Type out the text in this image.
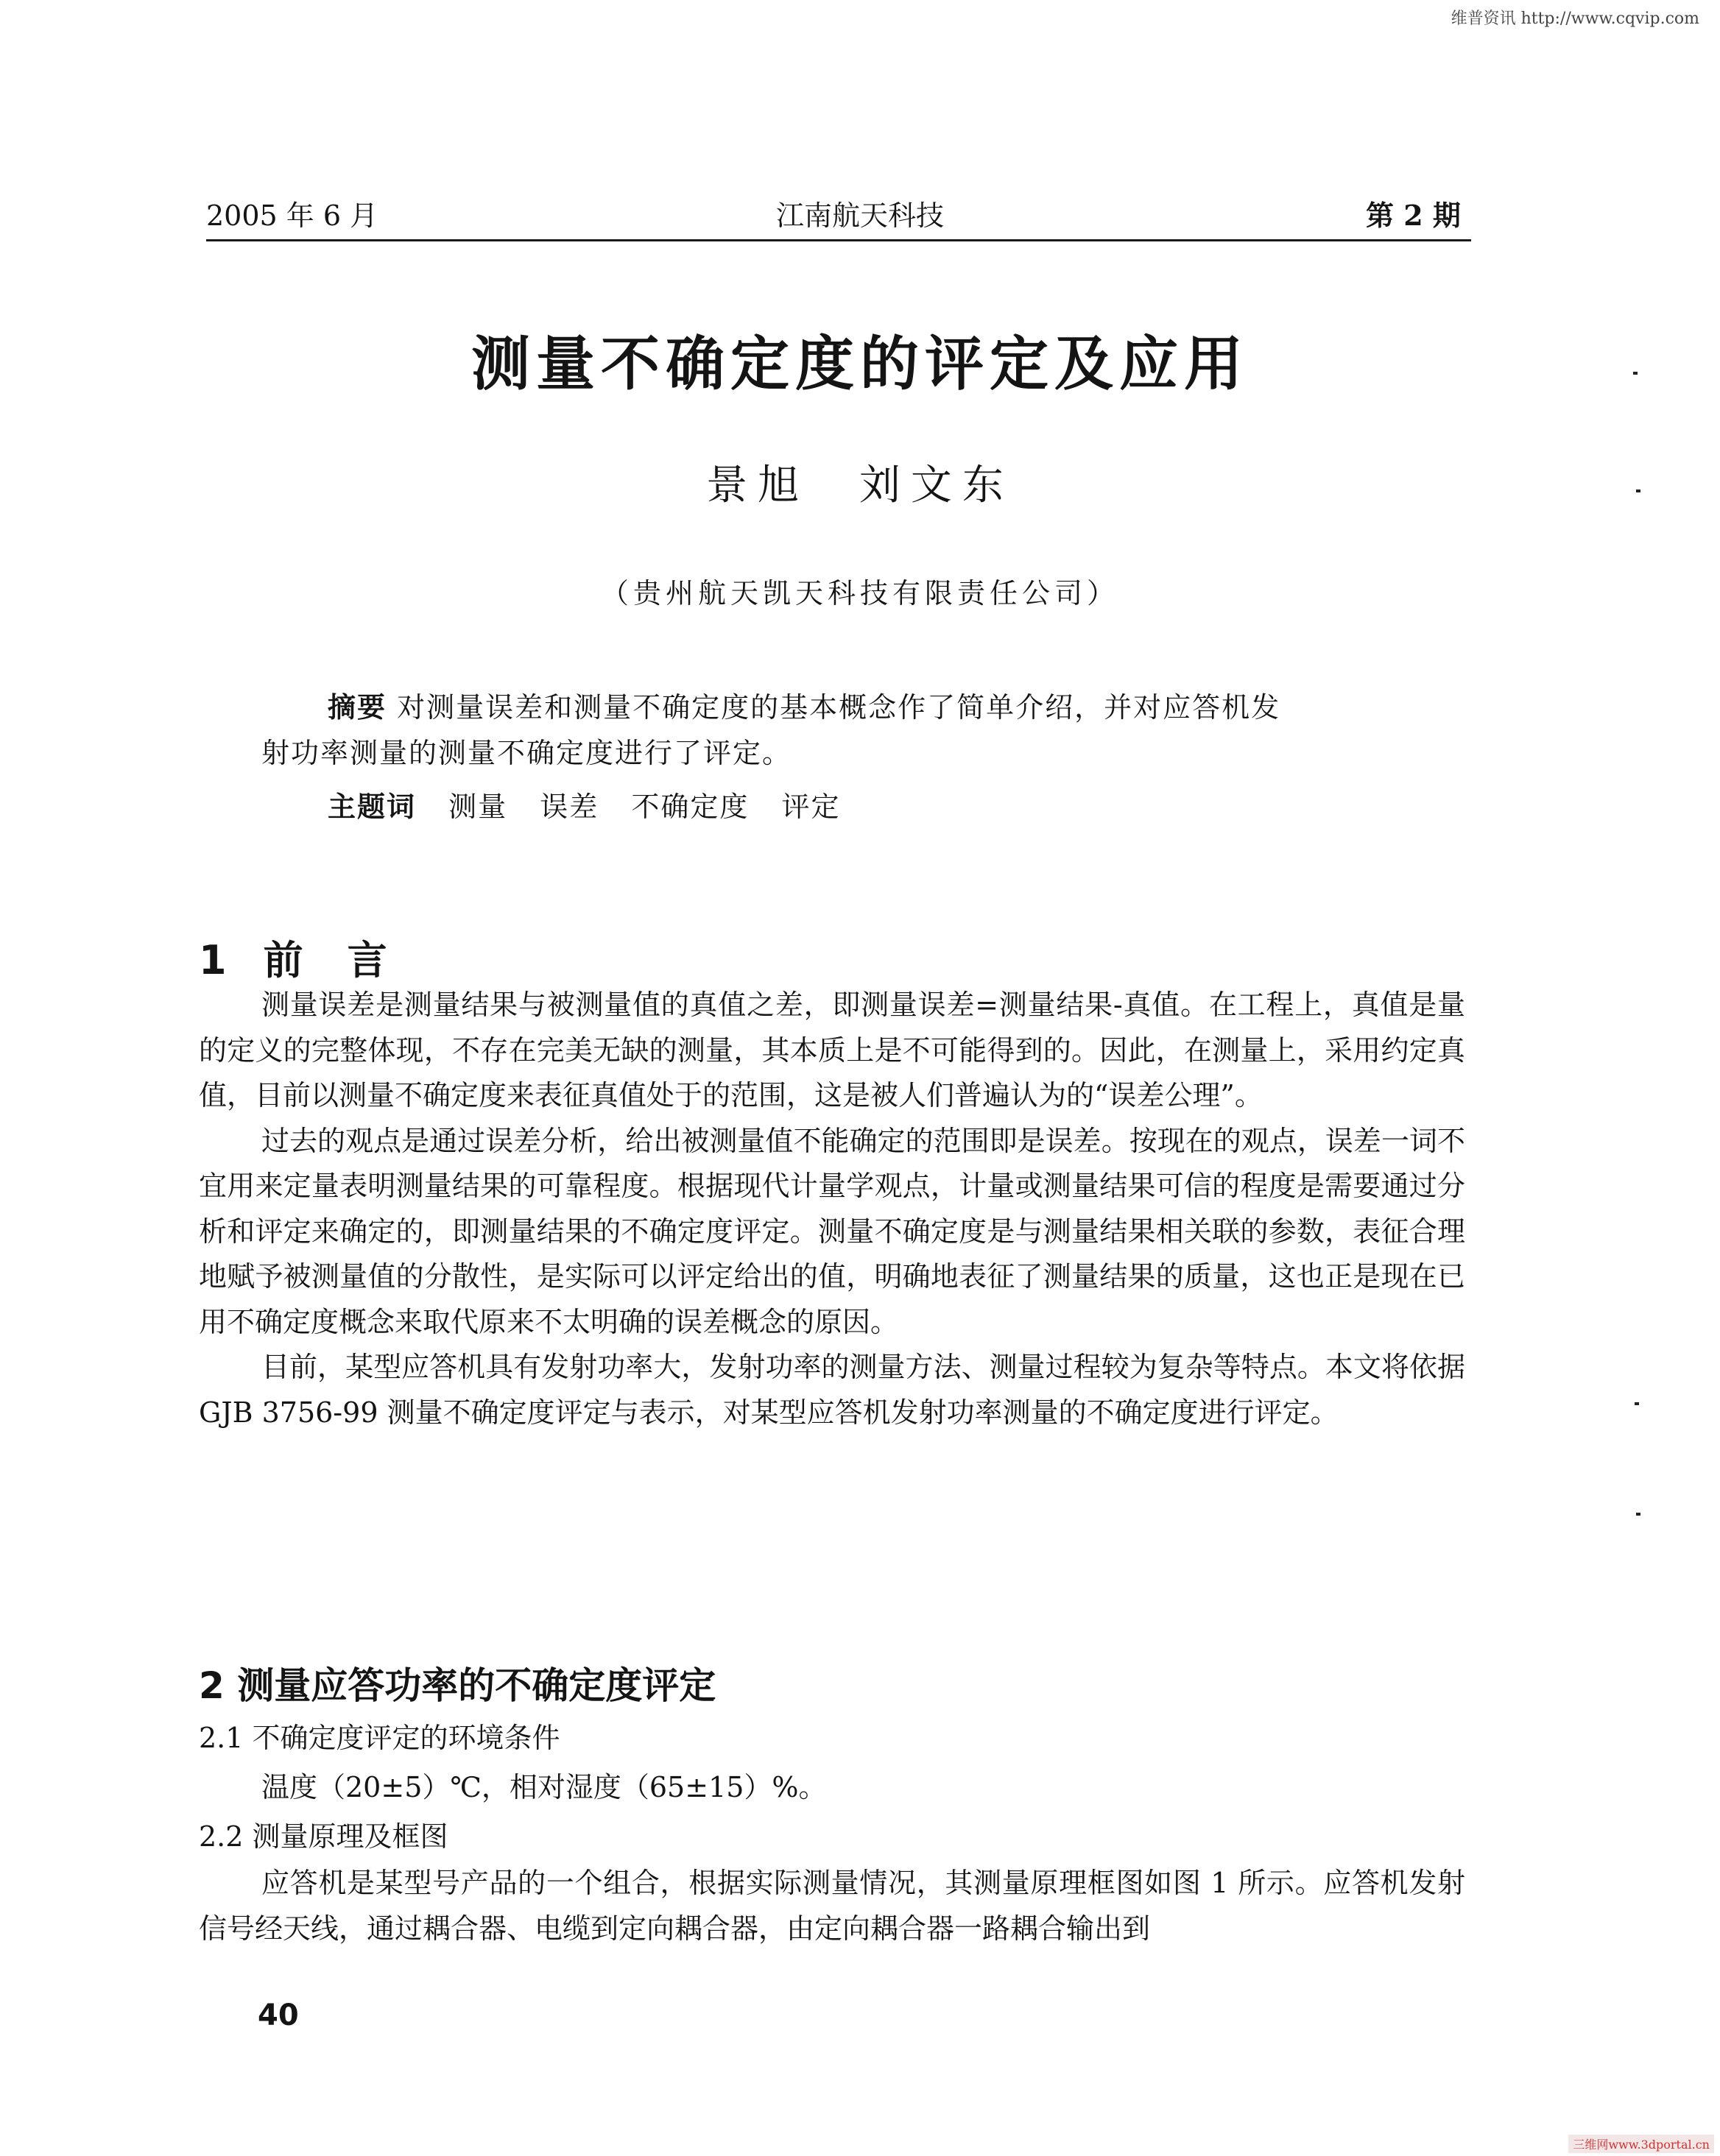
维普资讯 http://www.cqvip.com
2005 年 6 月	江南航天科技	第 2 期
测量不确定度的评定及应用
景旭 刘文东
（贵州航天凯天科技有限责任公司）
摘要 对测量误差和测量不确定度的基本概念作了简单介绍，并对应答机发
射功率测量的测量不确定度进行了评定。
主题词 测量 误差 不确定度 评定
1 前言

测量误差是测量结果与被测量值的真值之差，即测量误差=测量结果-真值。在工程上，真值是量的定义的完整体现，不存在完美无缺的测量，其本质上是不可能得到的。因此，在测量上，采用约定真值，目前以测量不确定度来表征真值处于的范围，这是被人们普遍认为的“误差公理”。

过去的观点是通过误差分析，给出被测量值不能确定的范围即是误差。按现在的观点，误差一词不宜用来定量表明测量结果的可靠程度。根据现代计量学观点，计量或测量结果可信的程度是需要通过分析和评定来确定的，即测量结果的不确定度评定。测量不确定度是与测量结果相关联的参数，表征合理地赋予被测量值的分散性，是实际可以评定给出的值，明确地表征了测量结果的质量，这也正是现在已用不确定度概念来取代原来不太明确的误差概念的原因。

目前，某型应答机具有发射功率大，发射功率的测量方法、测量过程较为复杂等特点。本文将依据 GJB 3756-99 测量不确定度评定与表示，对某型应答机发射功率测量的不确定度进行评定。

2 测量应答功率的不确定度评定
2.1 不确定度评定的环境条件
温度（20±5）℃，相对湿度（65±15）%。
2.2 测量原理及框图

应答机是某型号产品的一个组合，根据实际测量情况，其测量原理框图如图 1 所示。应答机发射信号经天线，通过耦合器、电缆到定向耦合器，由定向耦合器一路耦合输出到

40
三维网www.3dportal.cn
